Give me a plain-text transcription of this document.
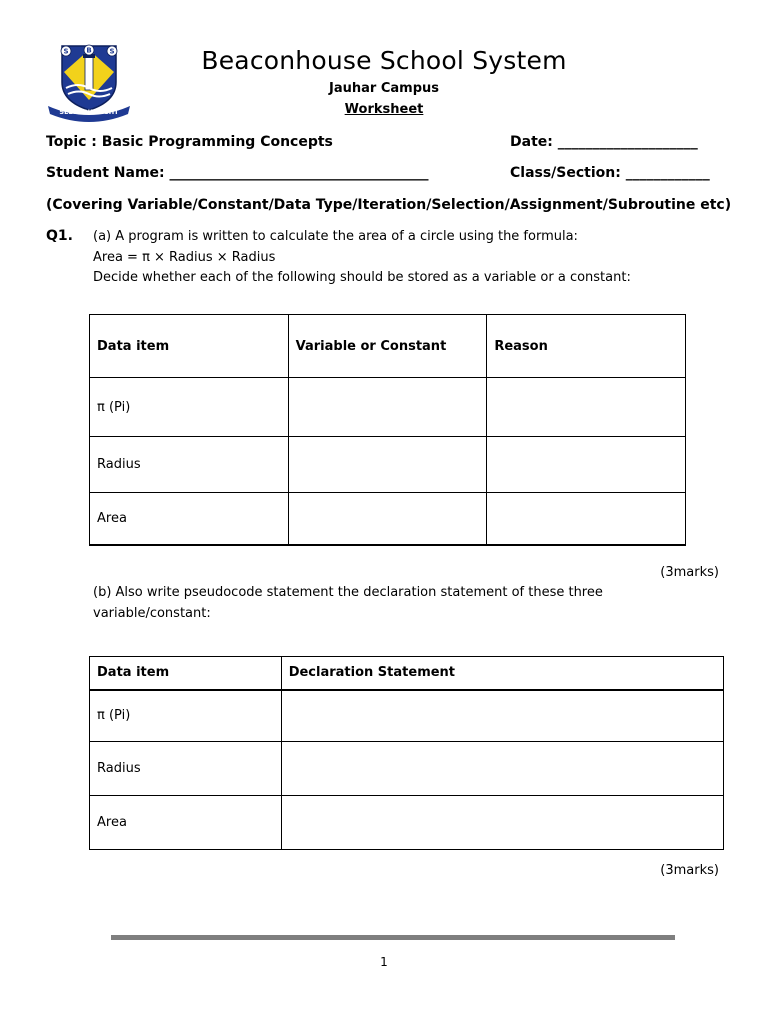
B
S	S
SEEK THE LIGHT
Beaconhouse School System
Jauhar Campus
Worksheet
Topic : Basic Programming Concepts	Date: ____________________
Student Name: _____________________________________	Class/Section: ____________
(Covering Variable/Constant/Data Type/Iteration/Selection/Assignment/Subroutine etc)
Q1. (a) A program is written to calculate the area of a circle using the formula:
Area = π × Radius × Radius
Decide whether each of the following should be stored as a variable or a constant:
Data item	Variable or Constant	Reason
π (Pi)		
Radius		
Area		
(3marks)
(b) Also write pseudocode statement the declaration statement of these three
variable/constant:
Data item	Declaration Statement
π (Pi)	
Radius	
Area	
(3marks)
1
